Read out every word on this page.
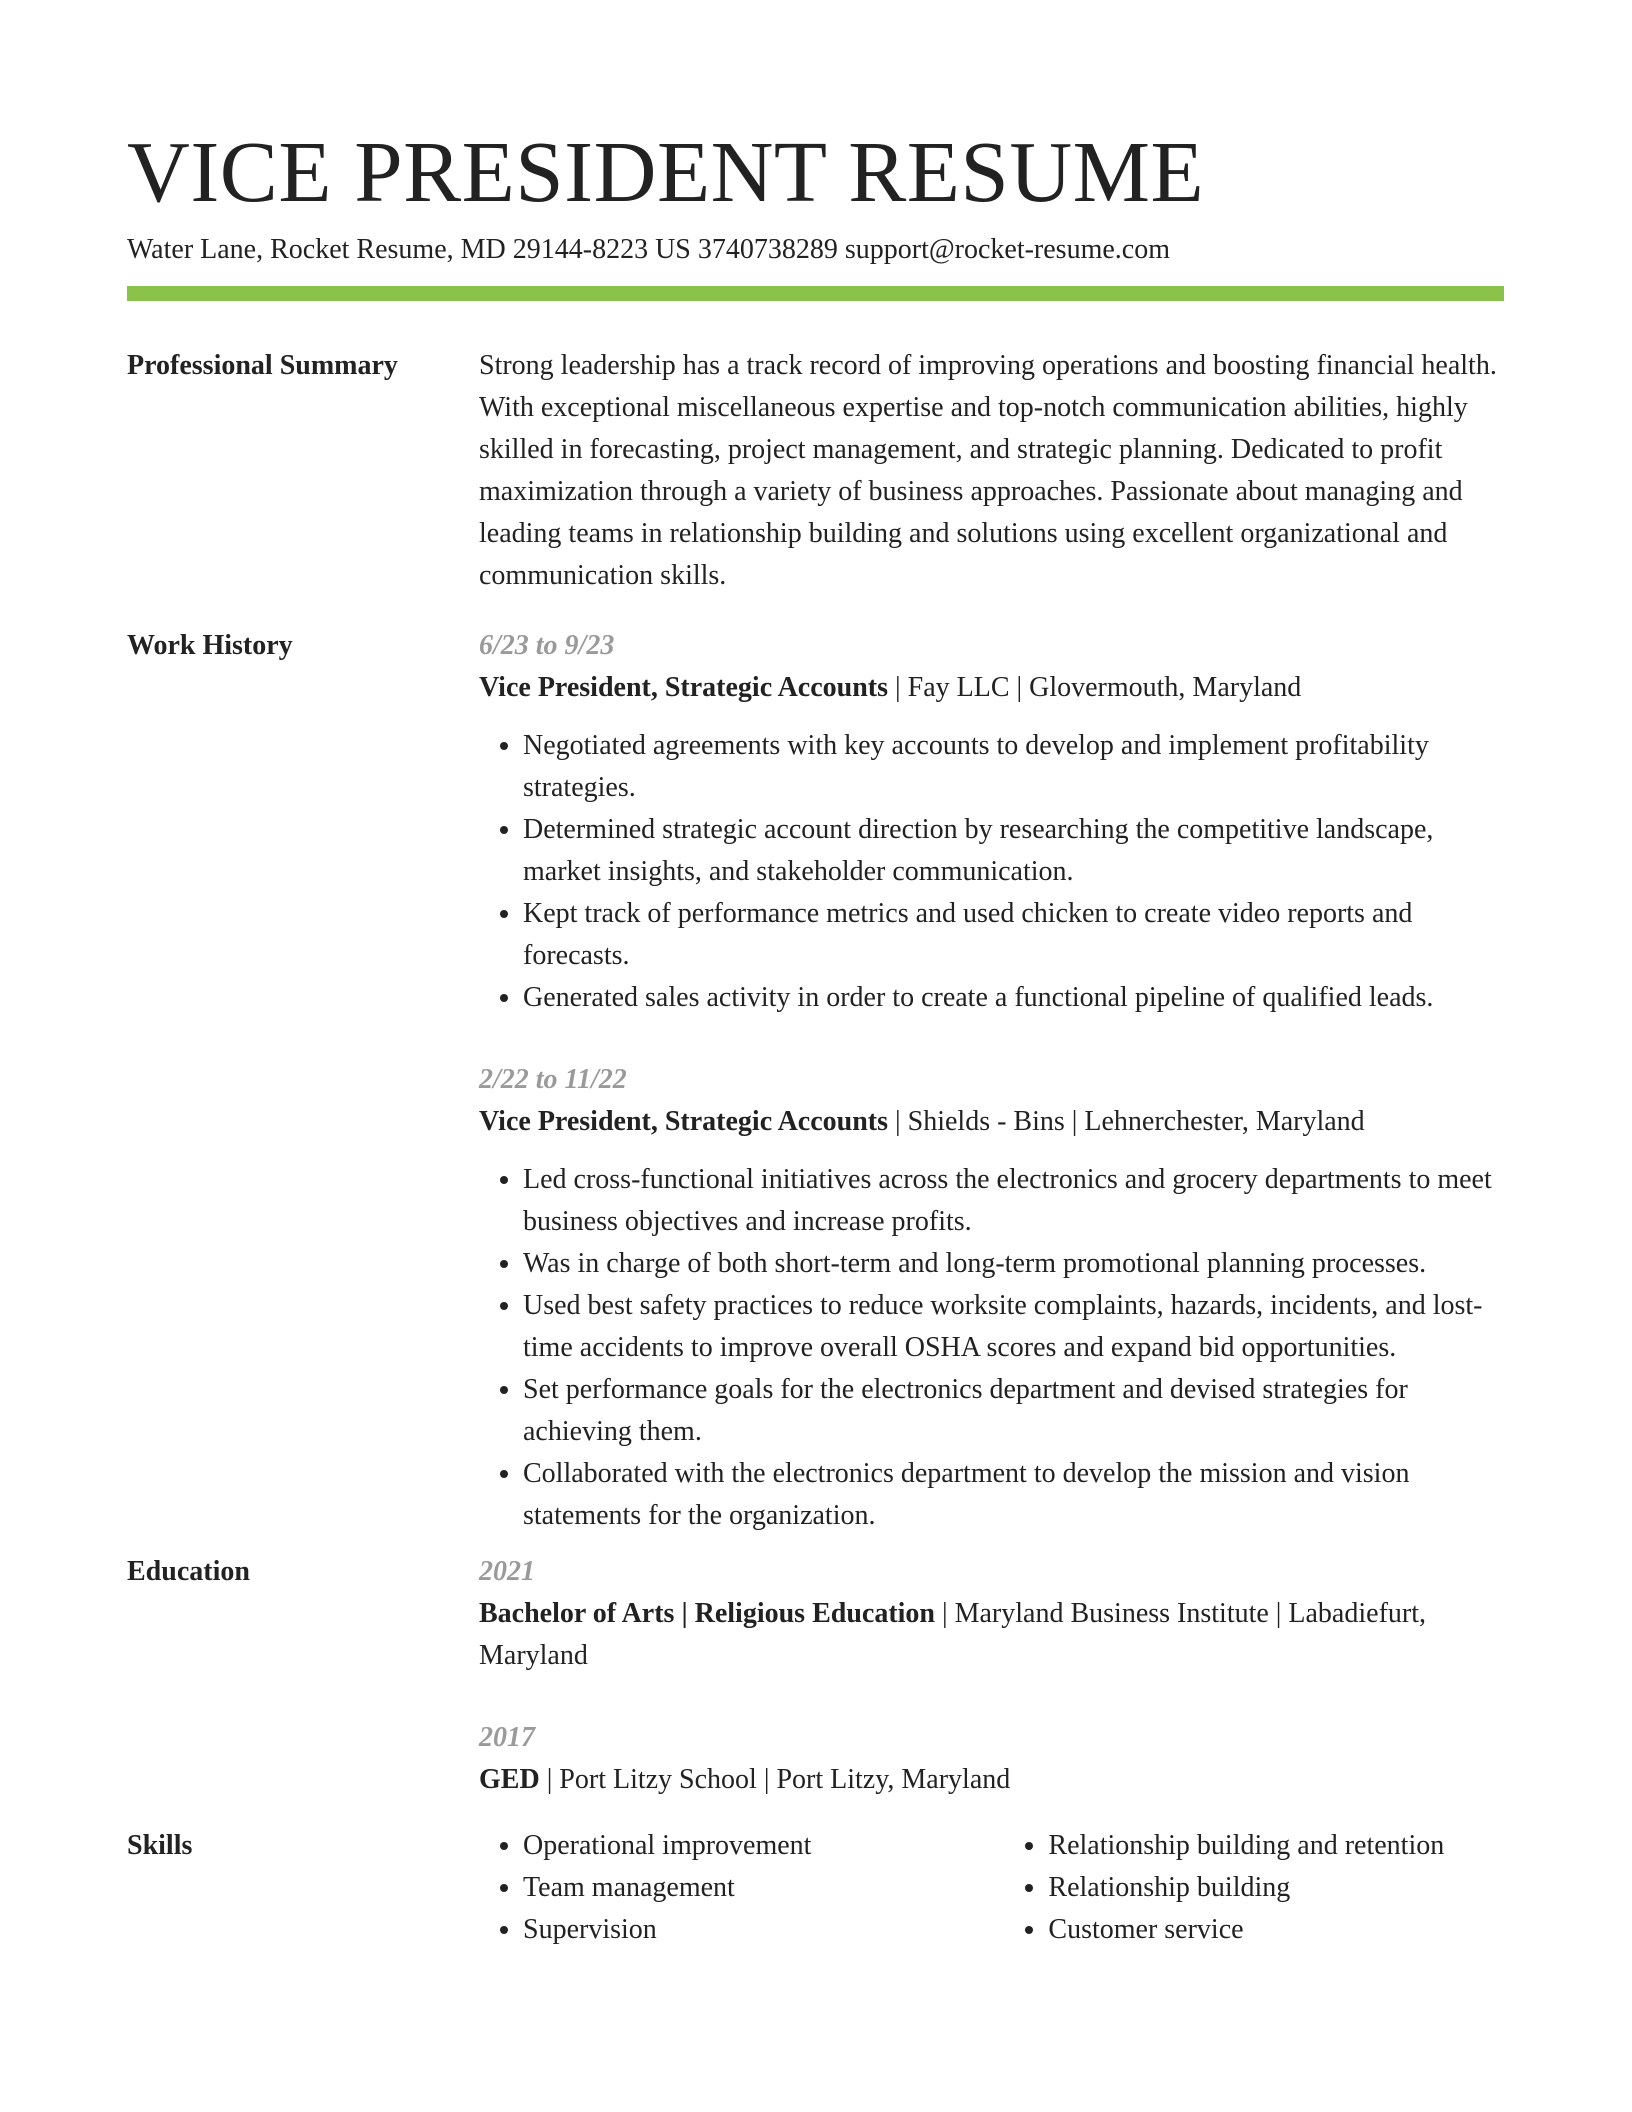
VICE PRESIDENT RESUME
Water Lane, Rocket Resume, MD 29144-8223 US 3740738289 support@rocket-resume.com
Professional Summary	Strong leadership has a track record of improving operations and boosting financial health. With exceptional miscellaneous expertise and top-notch communication abilities, highly skilled in forecasting, project management, and strategic planning. Dedicated to profit maximization through a variety of business approaches. Passionate about managing and leading teams in relationship building and solutions using excellent organizational and communication skills.

Work History	6/23 to 9/23
Vice President, Strategic Accounts | Fay LLC | Glovermouth, Maryland
• Negotiated agreements with key accounts to develop and implement profitability strategies.
• Determined strategic account direction by researching the competitive landscape, market insights, and stakeholder communication.
• Kept track of performance metrics and used chicken to create video reports and forecasts.
• Generated sales activity in order to create a functional pipeline of qualified leads.
2/22 to 11/22
Vice President, Strategic Accounts | Shields - Bins | Lehnerchester, Maryland
• Led cross-functional initiatives across the electronics and grocery departments to meet business objectives and increase profits.
• Was in charge of both short-term and long-term promotional planning processes.
• Used best safety practices to reduce worksite complaints, hazards, incidents, and lost-time accidents to improve overall OSHA scores and expand bid opportunities.
• Set performance goals for the electronics department and devised strategies for achieving them.
• Collaborated with the electronics department to develop the mission and vision statements for the organization.
Education	2021
Bachelor of Arts | Religious Education | Maryland Business Institute | Labadiefurt, Maryland
2017
GED | Port Litzy School | Port Litzy, Maryland
Skills
•	Operational improvement
• Team management
• Supervision
• Relationship building and retention
• Relationship building
• Customer service
